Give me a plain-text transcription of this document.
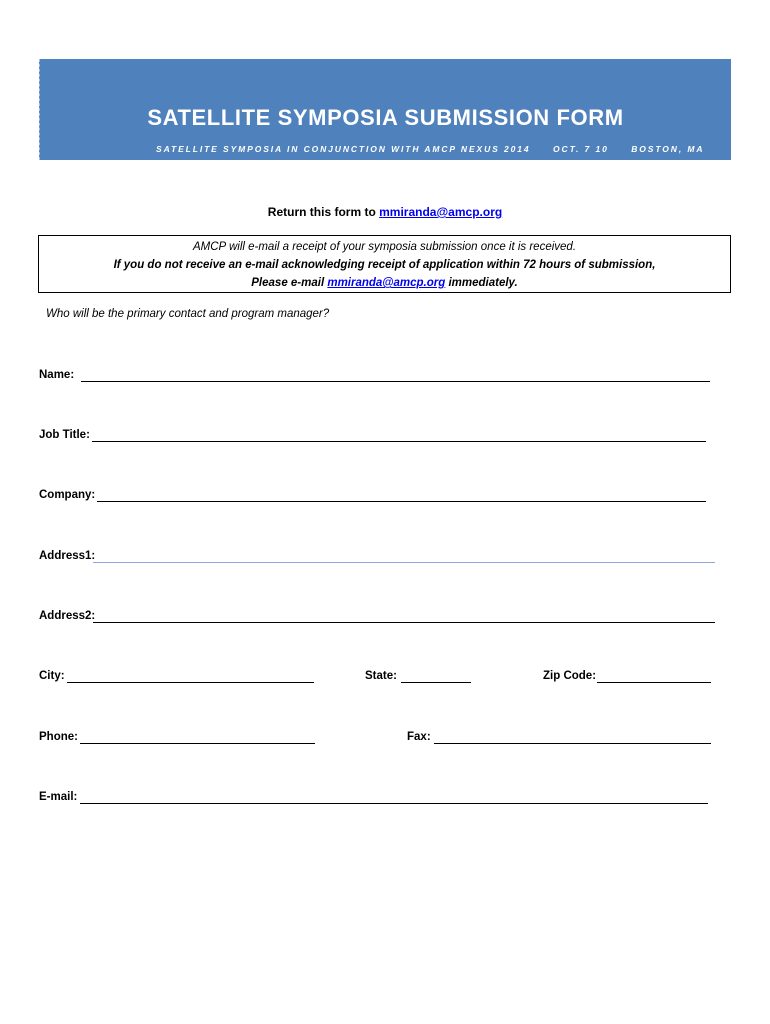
SATELLITE SYMPOSIA SUBMISSION FORM
SATELLITE SYMPOSIA IN CONJUNCTION WITH AMCP NEXUS 2014	OCT. 7 10	BOSTON, MA
Return this form to mmiranda@amcp.org
AMCP will e-mail a receipt of your symposia submission once it is received.
If you do not receive an e-mail acknowledging receipt of application within 72 hours of submission,
Please e-mail mmiranda@amcp.org immediately.
Who will be the primary contact and program manager?
Name:
Job Title:
Company:
Address1:
Address2:
City:	State:	Zip Code:
Phone:	Fax:
E-mail:
